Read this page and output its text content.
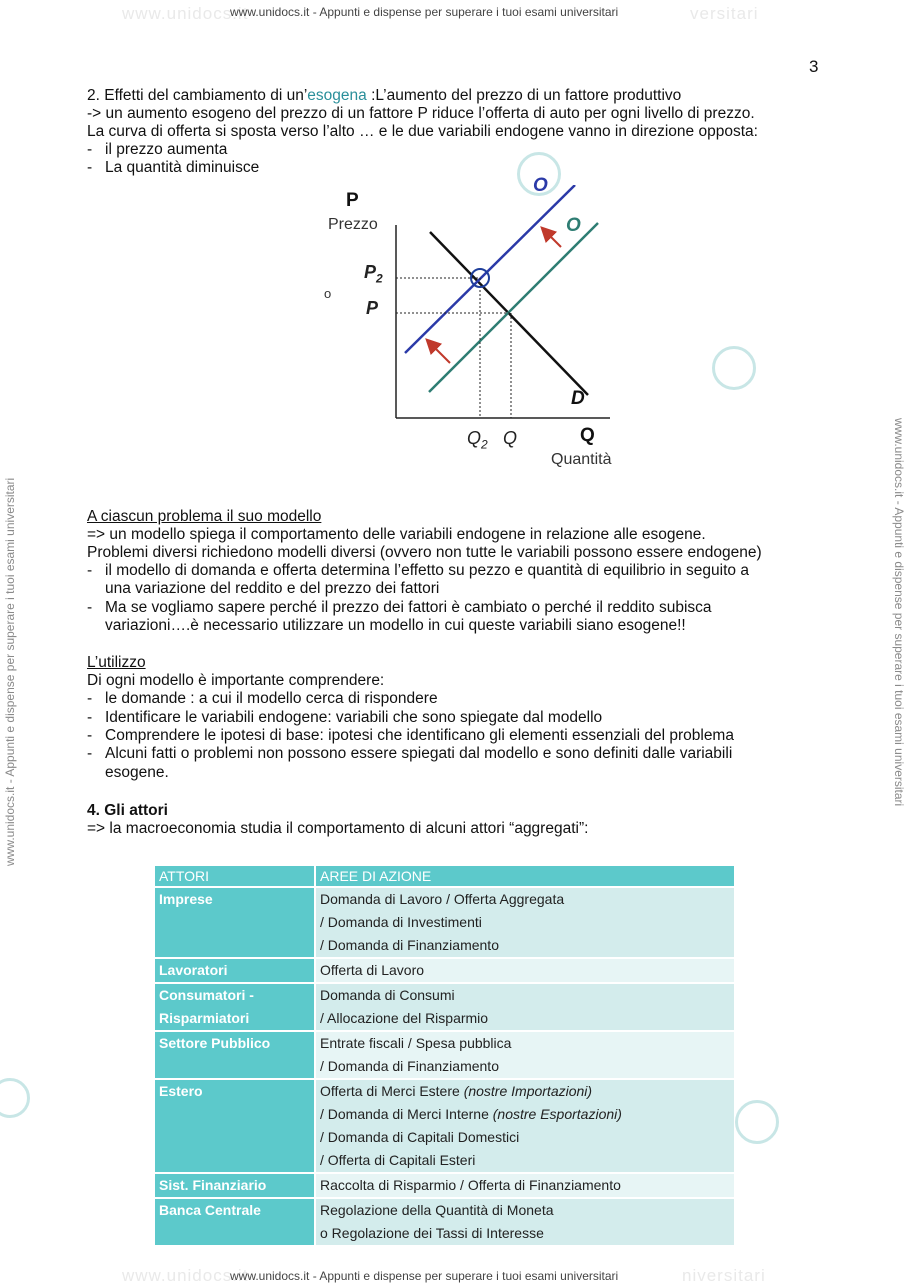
www.unidocs.it	versitari
www.unidocs.it - Appunti e dispense per superare i tuoi esami universitari
www.unidocs.it - Appunti e dispense per superare i tuoi esami universitari	www.unidocs.it - Appunti e dispense per superare i tuoi esami universitari
3
2. Effetti del cambiamento di un’esogena :L’aumento del prezzo di un fattore produttivo
-> un aumento esogeno del prezzo di un fattore P riduce l’offerta di auto per ogni livello di prezzo.
La curva di offerta si sposta verso l’alto … e le due variabili endogene vanno in direzione opposta:
- il prezzo aumenta
- La quantità diminuisce
P
Prezzo
o
$P_2$
P
$Q_2$ Q	Q
Quantità
O
O
D
A ciascun problema il suo modello
=> un modello spiega il comportamento delle variabili endogene in relazione alle esogene.
Problemi diversi richiedono modelli diversi (ovvero non tutte le variabili possono essere endogene)
- il modello di domanda e offerta determina l’effetto su pezzo e quantità di equilibrio in seguito a
una variazione del reddito e del prezzo dei fattori
- Ma se vogliamo sapere perché il prezzo dei fattori è cambiato o perché il reddito subisca
variazioni….è necessario utilizzare un modello in cui queste variabili siano esogene!!
L’utilizzo
Di ogni modello è importante comprendere:
- le domande : a cui il modello cerca di rispondere
- Identificare le variabili endogene: variabili che sono spiegate dal modello
- Comprendere le ipotesi di base: ipotesi che identificano gli elementi essenziali del problema
- Alcuni fatti o problemi non possono essere spiegati dal modello e sono definiti dalle variabili
esogene.
4. Gli attori
=> la macroeconomia studia il comportamento di alcuni attori “aggregati”:
ATTORI	AREE DI AZIONE

Imprese	Domanda di Lavoro / Offerta Aggregata
/ Domanda di Investimenti
/ Domanda di Finanziamento

Lavoratori	Offerta di Lavoro

Consumatori -
Risparmiatori	Domanda di Consumi
/ Allocazione del Risparmio

Settore Pubblico	Entrate fiscali / Spesa pubblica
/ Domanda di Finanziamento

Estero	Offerta di Merci Estere (nostre Importazioni)
/ Domanda di Merci Interne (nostre Esportazioni)
/ Domanda di Capitali Domestici
/ Offerta di Capitali Esteri

Sist. Finanziario	Raccolta di Risparmio / Offerta di Finanziamento

Banca Centrale	Regolazione della Quantità di Moneta
o Regolazione dei Tassi di Interesse
www.unidocs.it	niversitari
www.unidocs.it - Appunti e dispense per superare i tuoi esami universitari
